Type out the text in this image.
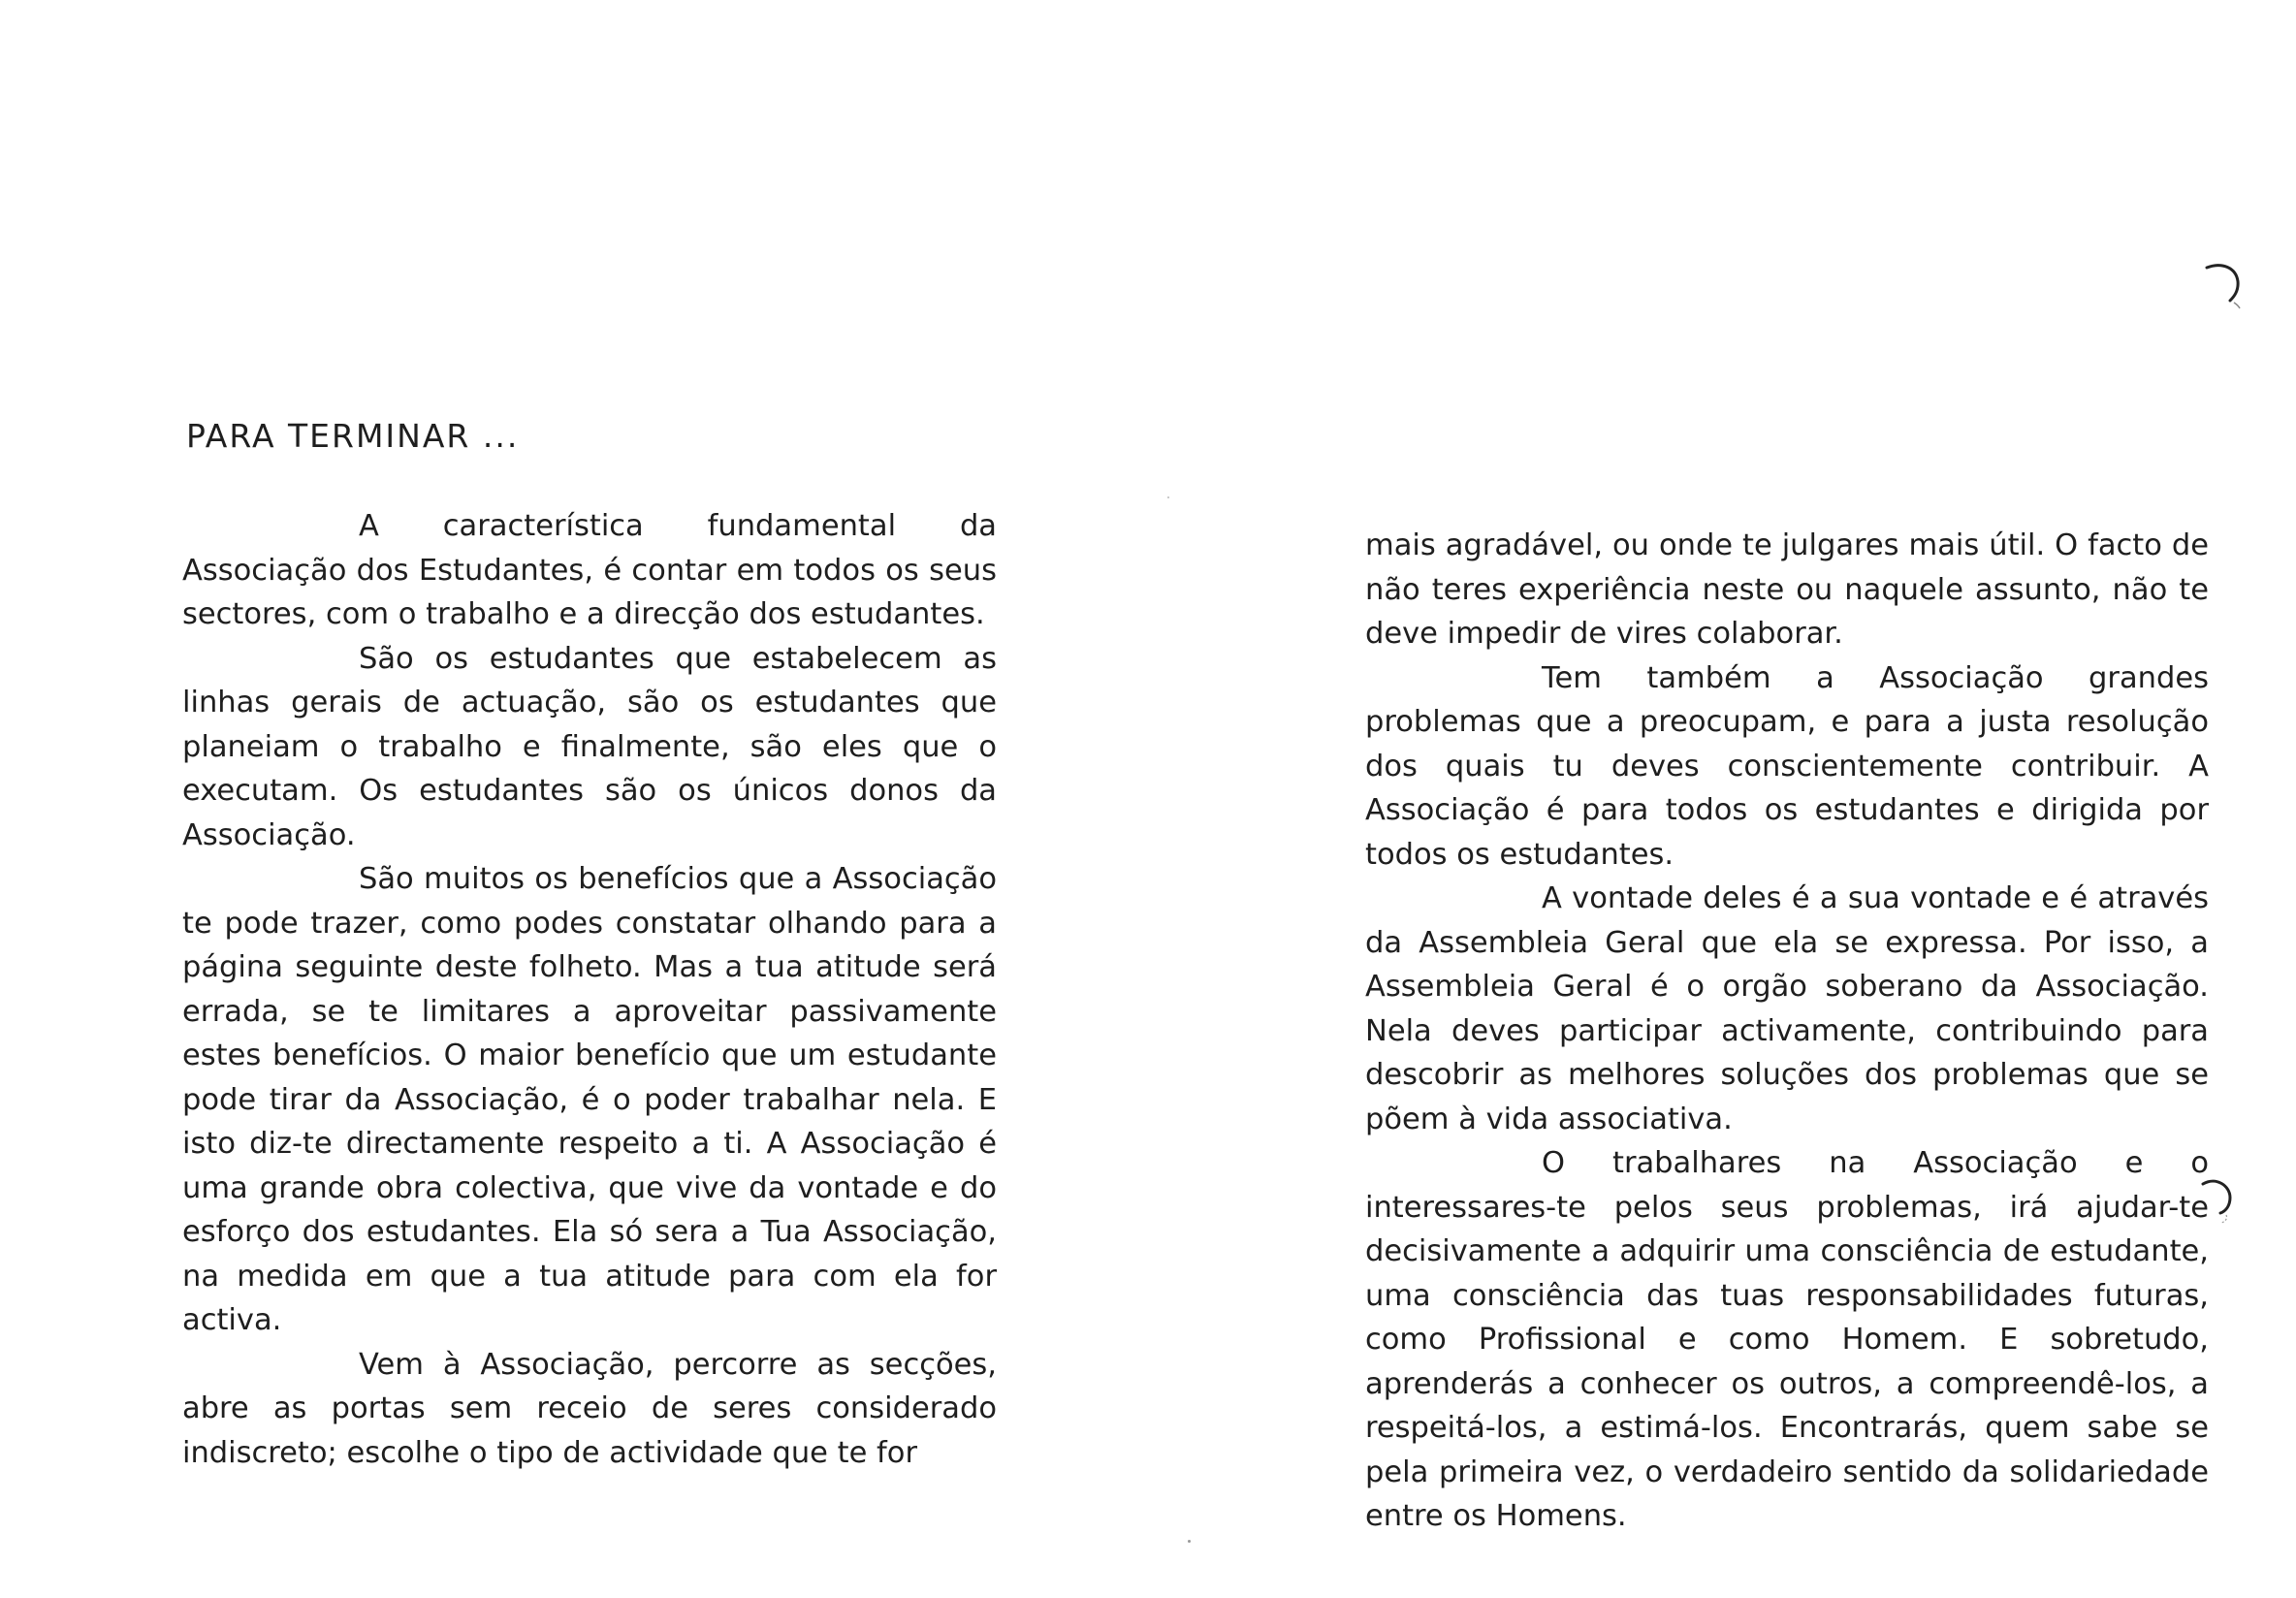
PARA TERMINAR ...

A característica fundamental da Associação dos Estudantes, é contar em todos os seus sectores, com o trabalho e a direcção dos estudantes.

São os estudantes que estabelecem as linhas gerais de actuação, são os estudantes que planeiam o trabalho e finalmente, são eles que o executam. Os estudantes são os únicos donos da Associação.

São muitos os benefícios que a Associação te pode trazer, como podes constatar olhando para a página seguinte deste folheto. Mas a tua atitude será errada, se te limitares a aproveitar passivamente estes benefícios. O maior benefício que um estudante pode tirar da Associação, é o poder trabalhar nela. E isto diz-te directamente respeito a ti. A Associação é uma grande obra colectiva, que vive da vontade e do esforço dos estudantes. Ela só sera a Tua Associação, na medida em que a tua atitude para com ela for activa.

Vem à Associação, percorre as secções, abre as portas sem receio de seres considerado indiscreto; escolhe o tipo de actividade que te for

mais agradável, ou onde te julgares mais útil. O facto de não teres experiência neste ou naquele assunto, não te deve impedir de vires colaborar.

Tem também a Associação grandes problemas que a preocupam, e para a justa resolução dos quais tu deves conscientemente contribuir. A Associação é para todos os estudantes e dirigida por todos os estudantes.

A vontade deles é a sua vontade e é através da Assembleia Geral que ela se expressa. Por isso, a Assembleia Geral é o orgão soberano da Associação. Nela deves participar activamente, contribuindo para descobrir as melhores soluções dos problemas que se põem à vida associativa.

O trabalhares na Associação e o interessares-te pelos seus problemas, irá ajudar-te decisivamente a adquirir uma consciência de estudante, uma consciência das tuas responsabilidades futuras, como Profissional e como Homem. E sobretudo, aprenderás a conhecer os outros, a compreendê-los, a respeitá-los, a estimá-los. Encontrarás, quem sabe se pela primeira vez, o verdadeiro sentido da solidariedade entre os Homens.
